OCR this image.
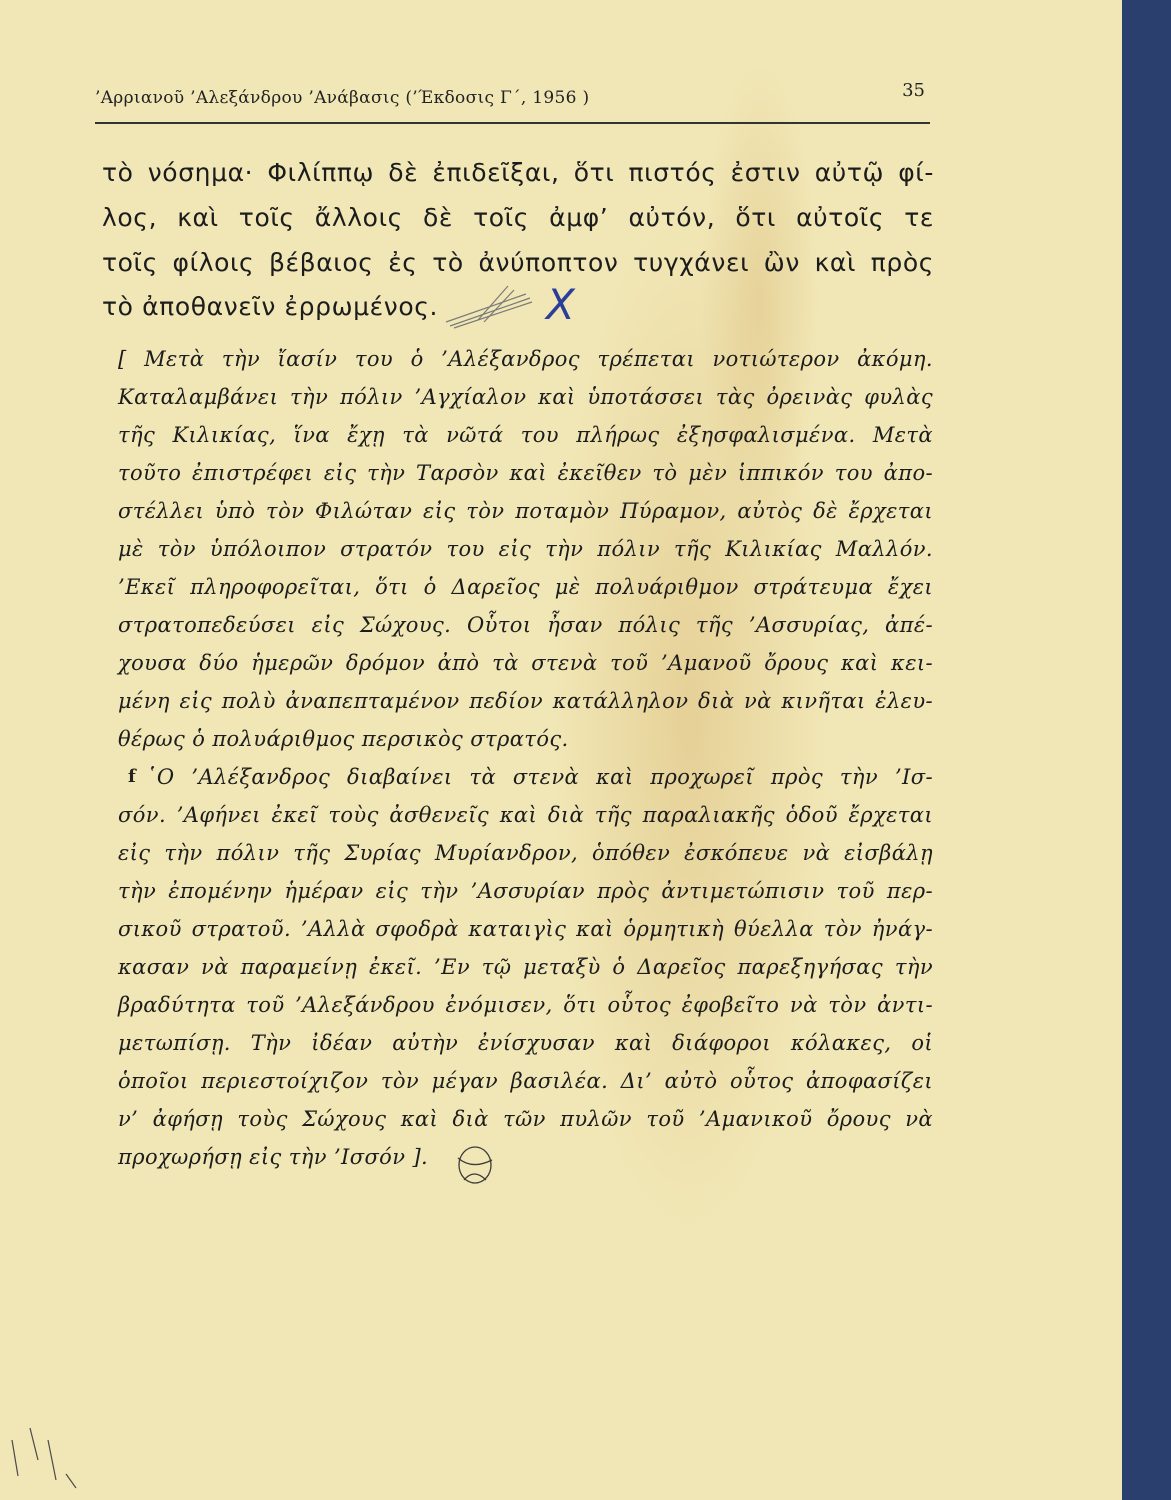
’Αρριανοῦ ’Αλεξάνδρου ’Ανάβασις (’Έκδοσις Γ΄, 1956 )	35
τὸ νόσημα· Φιλίππῳ δὲ ἐπιδεῖξαι, ὅτι πιστός ἐστιν αὐτῷ φί-
λος, καὶ τοῖς ἄλλοις δὲ τοῖς ἀμφ’ αὐτόν, ὅτι αὐτοῖς τε
τοῖς φίλοις βέβαιος ἐς τὸ ἀνύποπτον τυγχάνει ὢν καὶ πρὸς
τὸ ἀποθανεῖν ἐρρωμένος.	X
[ Μετὰ τὴν ἴασίν του ὁ ’Αλέξανδρος τρέπεται νοτιώτερον ἀκόμη.
Καταλαμβάνει τὴν πόλιν ’Αγχίαλον καὶ ὑποτάσσει τὰς ὀρεινὰς φυλὰς
τῆς Κιλικίας, ἵνα ἔχῃ τὰ νῶτά του πλήρως ἐξησφαλισμένα. Μετὰ
τοῦτο ἐπιστρέφει εἰς τὴν Ταρσὸν καὶ ἐκεῖθεν τὸ μὲν ἱππικόν του ἀπο-
στέλλει ὑπὸ τὸν Φιλώταν εἰς τὸν ποταμὸν Πύραμον, αὐτὸς δὲ ἔρχεται
μὲ τὸν ὑπόλοιπον στρατόν του εἰς τὴν πόλιν τῆς Κιλικίας Μαλλόν.
’Εκεῖ πληροφορεῖται, ὅτι ὁ Δαρεῖος μὲ πολυάριθμον στράτευμα ἔχει
στρατοπεδεύσει εἰς Σώχους. Οὗτοι ἦσαν πόλις τῆς ’Ασσυρίας, ἀπέ-
χουσα δύο ἡμερῶν δρόμον ἀπὸ τὰ στενὰ τοῦ ’Αμανοῦ ὄρους καὶ κει-
μένη εἰς πολὺ ἀναπεπταμένον πεδίον κατάλληλον διὰ νὰ κινῆται ἐλευ-
θέρως ὁ πολυάριθμος περσικὸς στρατός.
῾Ο ’Αλέξανδρος διαβαίνει τὰ στενὰ καὶ προχωρεῖ πρὸς τὴν ’Ισ-
σόν. ’Αφήνει ἐκεῖ τοὺς ἀσθενεῖς καὶ διὰ τῆς παραλιακῆς ὁδοῦ ἔρχεται
εἰς τὴν πόλιν τῆς Συρίας Μυρίανδρον, ὁπόθεν ἐσκόπευε νὰ εἰσβάλῃ
τὴν ἐπομένην ἡμέραν εἰς τὴν ’Ασσυρίαν πρὸς ἀντιμετώπισιν τοῦ περ-
σικοῦ στρατοῦ. ’Αλλὰ σφοδρὰ καταιγὶς καὶ ὁρμητικὴ θύελλα τὸν ἠνάγ-
κασαν νὰ παραμείνῃ ἐκεῖ. ’Εν τῷ μεταξὺ ὁ Δαρεῖος παρεξηγήσας τὴν
βραδύτητα τοῦ ’Αλεξάνδρου ἐνόμισεν, ὅτι οὗτος ἐφοβεῖτο νὰ τὸν ἀντι-
μετωπίσῃ. Τὴν ἰδέαν αὐτὴν ἐνίσχυσαν καὶ διάφοροι κόλακες, οἱ
ὁποῖοι περιεστοίχιζον τὸν μέγαν βασιλέα. Δι’ αὐτὸ οὗτος ἀποφασίζει
ν’ ἀφήσῃ τοὺς Σώχους καὶ διὰ τῶν πυλῶν τοῦ ’Αμανικοῦ ὄρους νὰ
προχωρήσῃ εἰς τὴν ’Ισσόν ].
f
